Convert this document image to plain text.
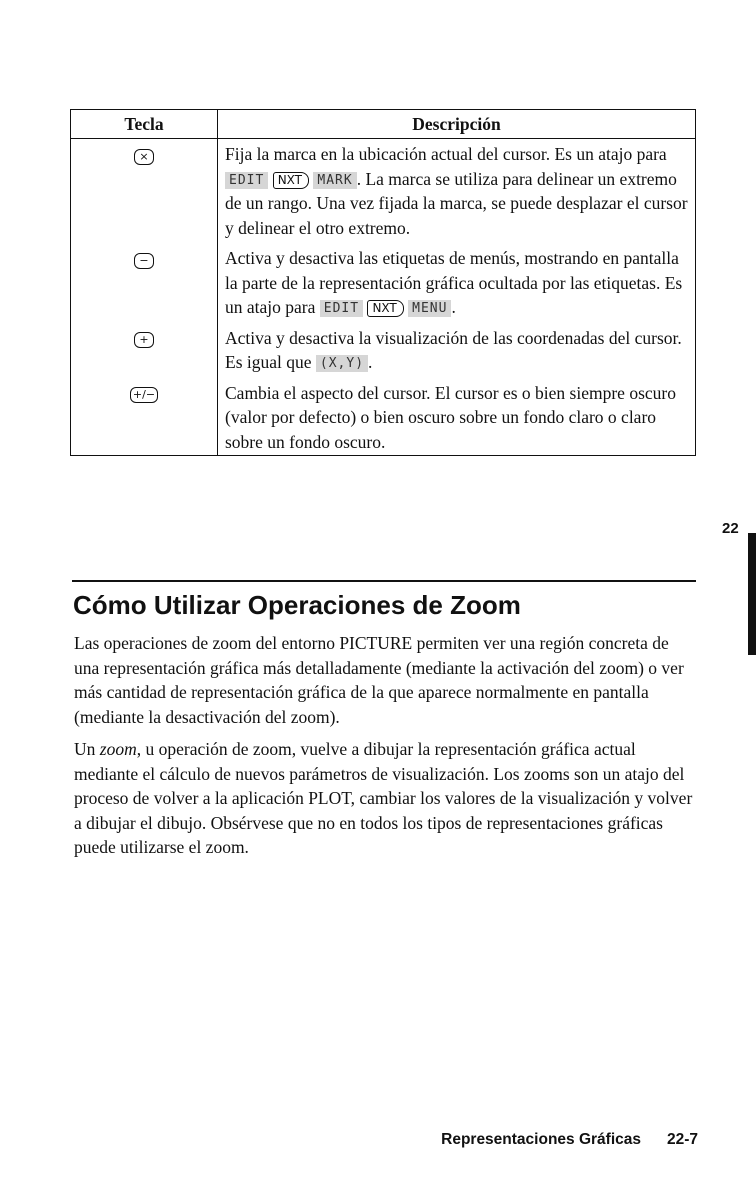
Tecla	Descripción
×	Fija la marca en la ubicación actual del cursor. Es un atajo para EDIT NXT MARK . La marca se utiliza para delinear un extremo de un rango. Una vez fijada la marca, se puede desplazar el cursor y delinear el otro extremo.
−	Activa y desactiva las etiquetas de menús, mostrando en pantalla la parte de la representación gráfica ocultada por las etiquetas. Es un atajo para EDIT NXT MENU .
+	Activa y desactiva la visualización de las coordenadas del cursor. Es igual que (X,Y) .
+/−	Cambia el aspecto del cursor. El cursor es o bien siempre oscuro (valor por defecto) o bien oscuro sobre un fondo claro o claro sobre un fondo oscuro.
22
Cómo Utilizar Operaciones de Zoom

Las operaciones de zoom del entorno PICTURE permiten ver una región concreta de una representación gráfica más detalladamente (mediante la activación del zoom) o ver más cantidad de representación gráfica de la que aparece normalmente en pantalla (mediante la desactivación del zoom).

Un zoom, u operación de zoom, vuelve a dibujar la representación gráfica actual mediante el cálculo de nuevos parámetros de visualización. Los zooms son un atajo del proceso de volver a la aplicación PLOT, cambiar los valores de la visualización y volver a dibujar el dibujo. Obsérvese que no en todos los tipos de representaciones gráficas puede utilizarse el zoom.

Representaciones Gráficas 22-7
